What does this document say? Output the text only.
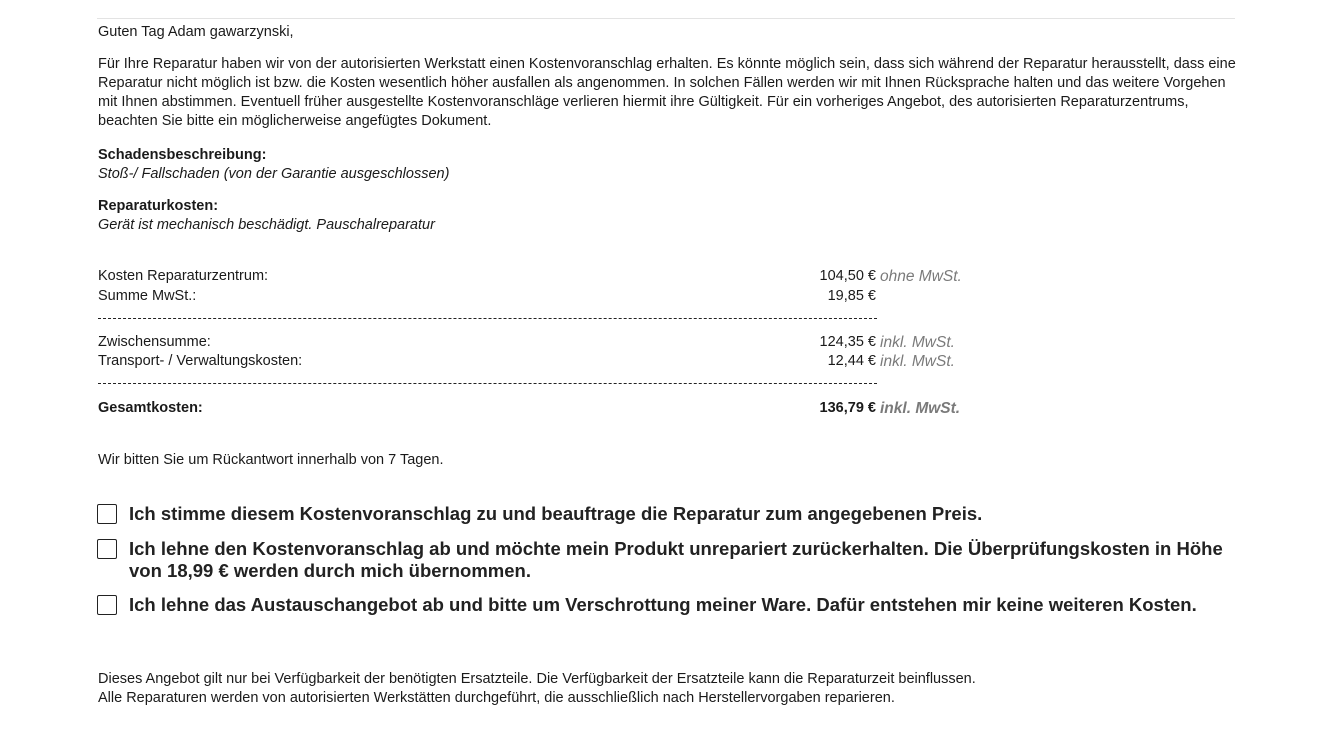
Guten Tag Adam gawarzynski,
Für Ihre Reparatur haben wir von der autorisierten Werkstatt einen Kostenvoranschlag erhalten. Es könnte möglich sein, dass sich während der Reparatur herausstellt, dass eine Reparatur nicht möglich ist bzw. die Kosten wesentlich höher ausfallen als angenommen. In solchen Fällen werden wir mit Ihnen Rücksprache halten und das weitere Vorgehen mit Ihnen abstimmen. Eventuell früher ausgestellte Kostenvoranschläge verlieren hiermit ihre Gültigkeit. Für ein vorheriges Angebot, des autorisierten Reparaturzentrums, beachten Sie bitte ein möglicherweise angefügtes Dokument.
Schadensbeschreibung:
Stoß-/ Fallschaden (von der Garantie ausgeschlossen)
Reparaturkosten:
Gerät ist mechanisch beschädigt. Pauschalreparatur
Kosten Reparaturzentrum:	104,50 € ohne MwSt.
Summe MwSt.:	19,85 €
Zwischensumme:	124,35 € inkl. MwSt.
Transport- / Verwaltungskosten:	12,44 € inkl. MwSt.
Gesamtkosten:	136,79 € inkl. MwSt.
Wir bitten Sie um Rückantwort innerhalb von 7 Tagen.
Ich stimme diesem Kostenvoranschlag zu und beauftrage die Reparatur zum angegebenen Preis.
Ich lehne den Kostenvoranschlag ab und möchte mein Produkt unrepariert zurückerhalten. Die Überprüfungskosten in Höhe von 18,99 € werden durch mich übernommen.
Ich lehne das Austauschangebot ab und bitte um Verschrottung meiner Ware. Dafür entstehen mir keine weiteren Kosten.
Dieses Angebot gilt nur bei Verfügbarkeit der benötigten Ersatzteile. Die Verfügbarkeit der Ersatzteile kann die Reparaturzeit beinflussen.
Alle Reparaturen werden von autorisierten Werkstätten durchgeführt, die ausschließlich nach Herstellervorgaben reparieren.
